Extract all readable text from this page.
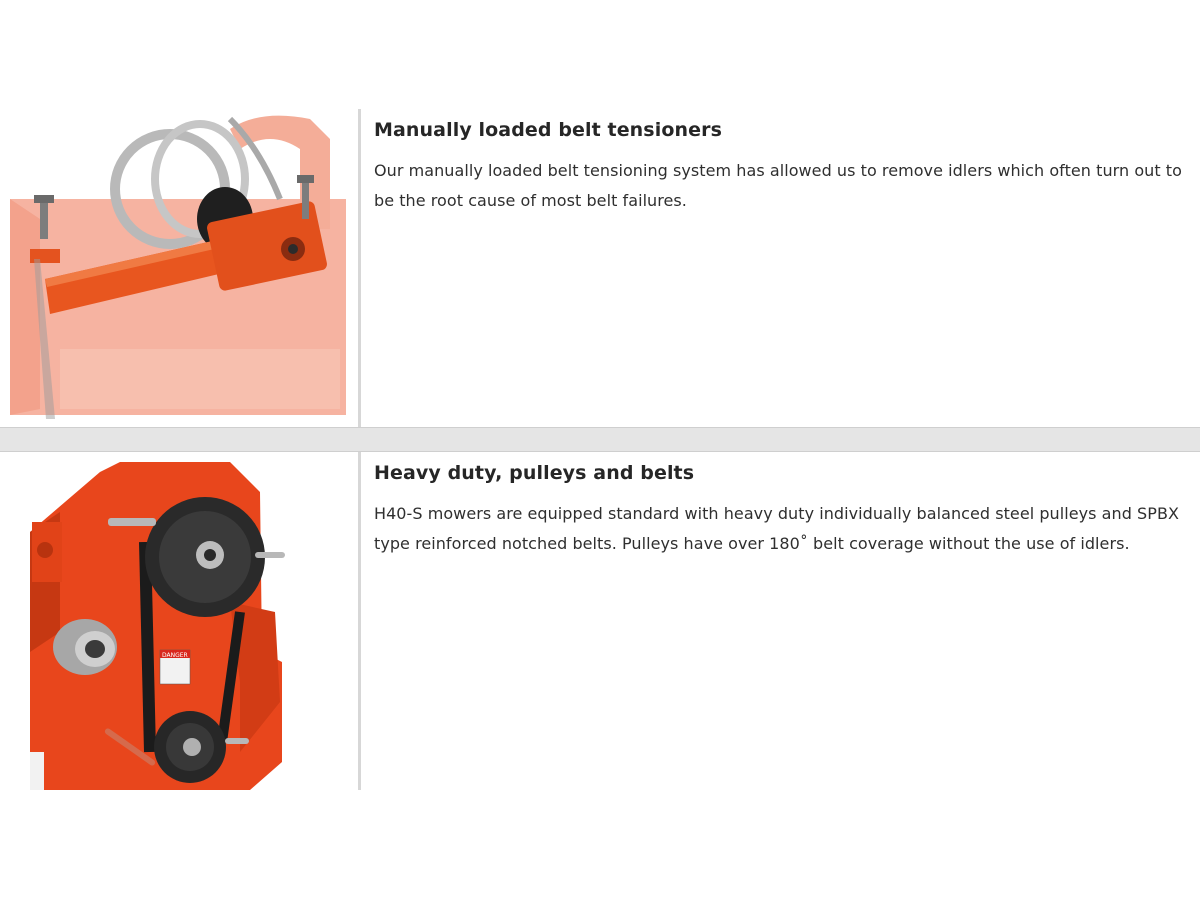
Manually loaded belt tensioners

Our manually loaded belt tensioning system has allowed us to remove idlers which often turn out to be the root cause of most belt failures.

DANGER
Heavy duty, pulleys and belts

H40-S mowers are equipped standard with heavy duty individually balanced steel pulleys and SPBX type reinforced notched belts. Pulleys have over 180˚ belt coverage without the use of idlers.
